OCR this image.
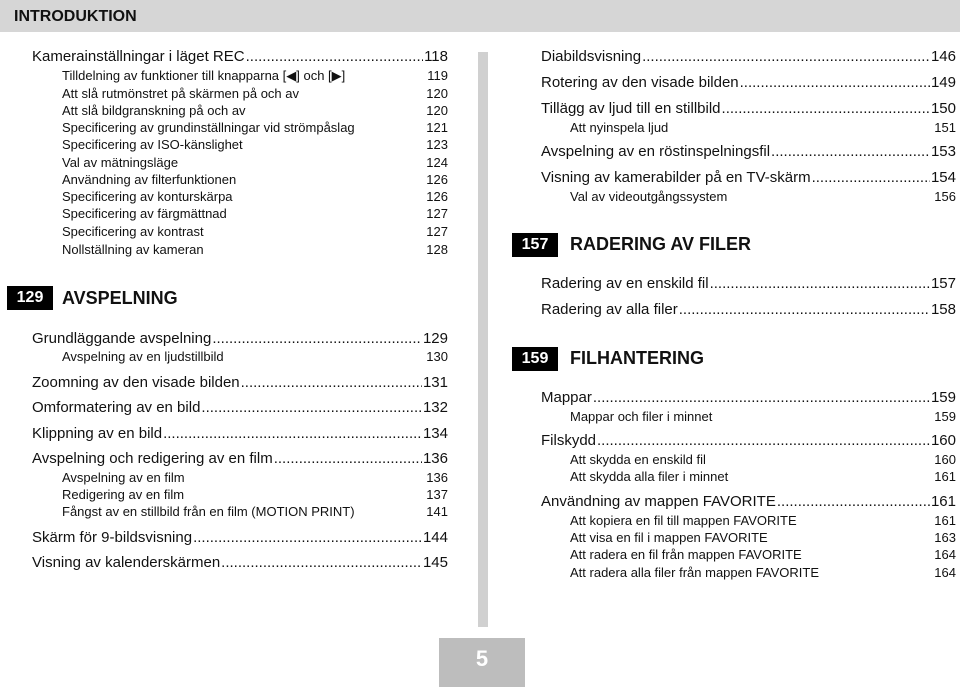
INTRODUKTION
Kamerainställningar i läget REC .....	118
Tilldelning av funktioner till knapparna [◀] och [▶]	119
Att slå rutmönstret på skärmen på och av	120
Att slå bildgranskning på och av	120
Specificering av grundinställningar vid strömpåslag	121
Specificering av ISO-känslighet	123
Val av mätningsläge	124
Användning av filterfunktionen	126
Specificering av konturskärpa	126
Specificering av färgmättnad	127
Specificering av kontrast	127
Nollställning av kameran	128
129	AVSPELNING
Grundläggande avspelning .....	129
Avspelning av en ljudstillbild	130
Zoomning av den visade bilden .....	131
Omformatering av en bild .....	132
Klippning av en bild .....	134
Avspelning och redigering av en film .....	136
Avspelning av en film	136
Redigering av en film	137
Fångst av en stillbild från en film (MOTION PRINT)	141
Skärm för 9-bildsvisning .....	144
Visning av kalenderskärmen .....	145
Diabildsvisning .....	146
Rotering av den visade bilden .....	149
Tillägg av ljud till en stillbild .....	150
Att nyinspela ljud	151
Avspelning av en röstinspelningsfil .....	153
Visning av kamerabilder på en TV-skärm .....	154
Val av videoutgångssystem	156
157	RADERING AV FILER
Radering av en enskild fil .....	157
Radering av alla filer .....	158
159	FILHANTERING
Mappar .....	159
Mappar och filer i minnet	159
Filskydd .....	160
Att skydda en enskild fil	160
Att skydda alla filer i minnet	161
Användning av mappen FAVORITE .....	161
Att kopiera en fil till mappen FAVORITE	161
Att visa en fil i mappen FAVORITE	163
Att radera en fil från mappen FAVORITE	164
Att radera alla filer från mappen FAVORITE	164
5
